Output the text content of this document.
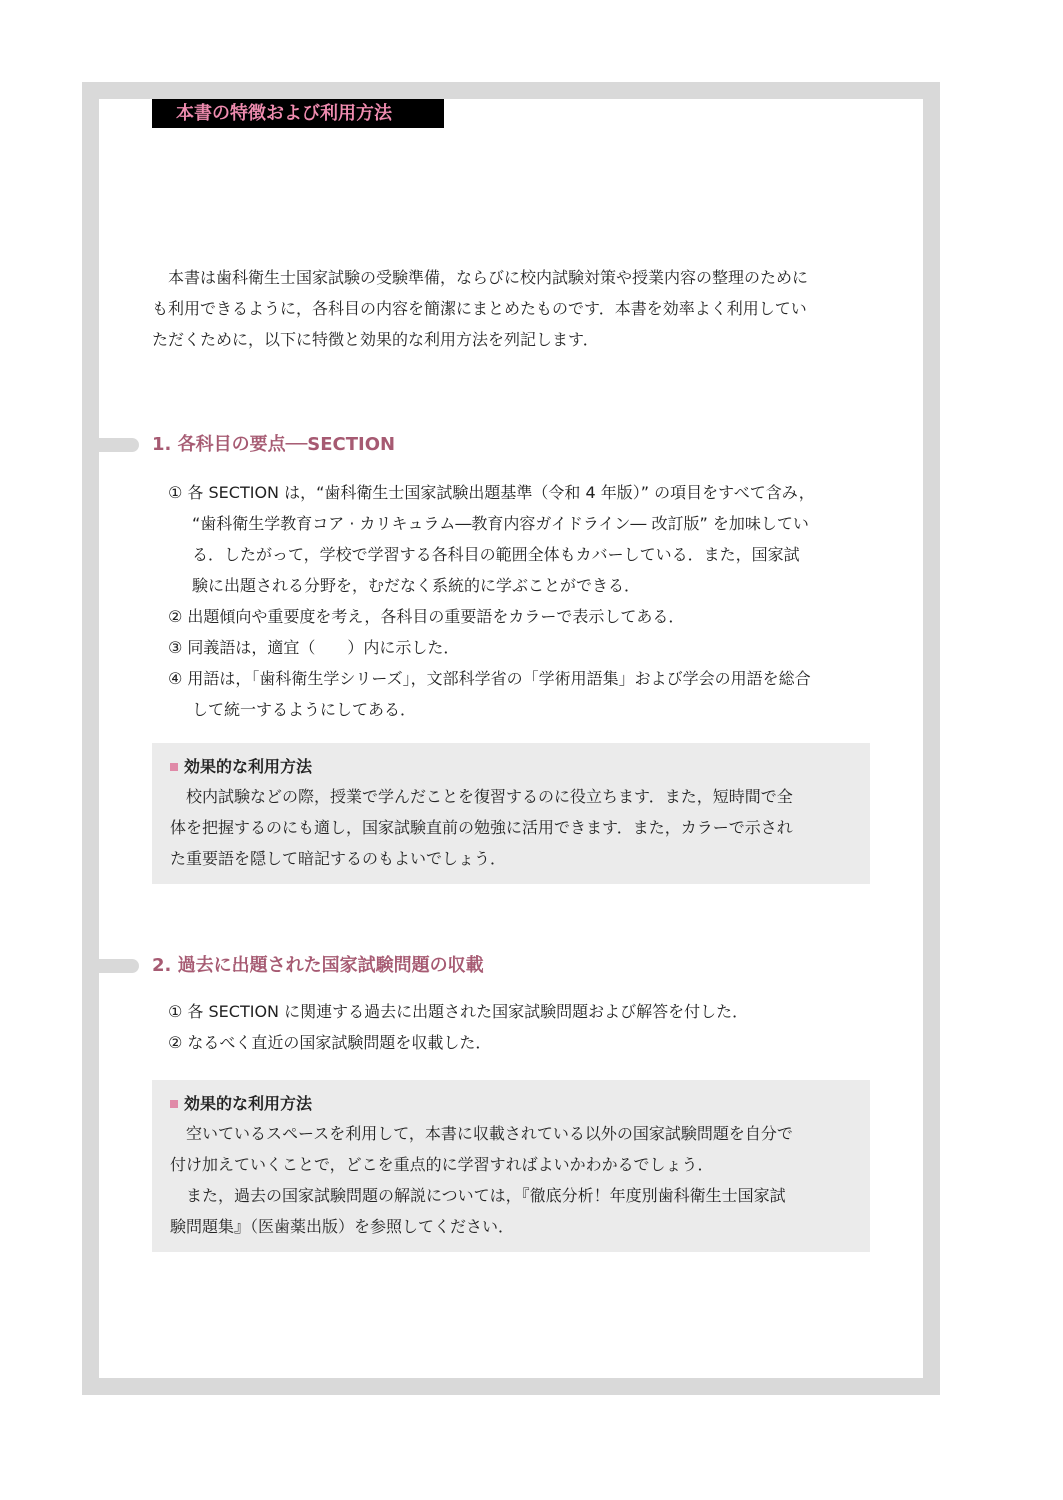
本書の特徴および利用方法

本書は歯科衛生士国家試験の受験準備，ならびに校内試験対策や授業内容の整理のために
も利用できるように，各科目の内容を簡潔にまとめたものです．本書を効率よく利用してい
ただくために，以下に特徴と効果的な利用方法を列記します．

1. 各科目の要点──SECTION
① 各 SECTION は，“歯科衛生士国家試験出題基準（令和 4 年版）” の項目をすべて含み，
“歯科衛生学教育コア · カリキュラム―教育内容ガイドライン― 改訂版” を加味してい
る．したがって，学校で学習する各科目の範囲全体もカバーしている．また，国家試
験に出題される分野を，むだなく系統的に学ぶことができる．
② 出題傾向や重要度を考え，各科目の重要語をカラーで表示してある．
③ 同義語は，適宜（　　）内に示した．
④ 用語は，「歯科衛生学シリーズ」，文部科学省の「学術用語集」および学会の用語を総合
して統一するようにしてある．
効果的な利用方法
校内試験などの際，授業で学んだことを復習するのに役立ちます．また，短時間で全
体を把握するのにも適し，国家試験直前の勉強に活用できます．また，カラーで示され
た重要語を隠して暗記するのもよいでしょう．
2. 過去に出題された国家試験問題の収載
① 各 SECTION に関連する過去に出題された国家試験問題および解答を付した．
② なるべく直近の国家試験問題を収載した．
効果的な利用方法
空いているスペースを利用して，本書に収載されている以外の国家試験問題を自分で
付け加えていくことで，どこを重点的に学習すればよいかわかるでしょう．
また，過去の国家試験問題の解説については，『徹底分析！年度別歯科衛生士国家試
験問題集』（医歯薬出版）を参照してください．
